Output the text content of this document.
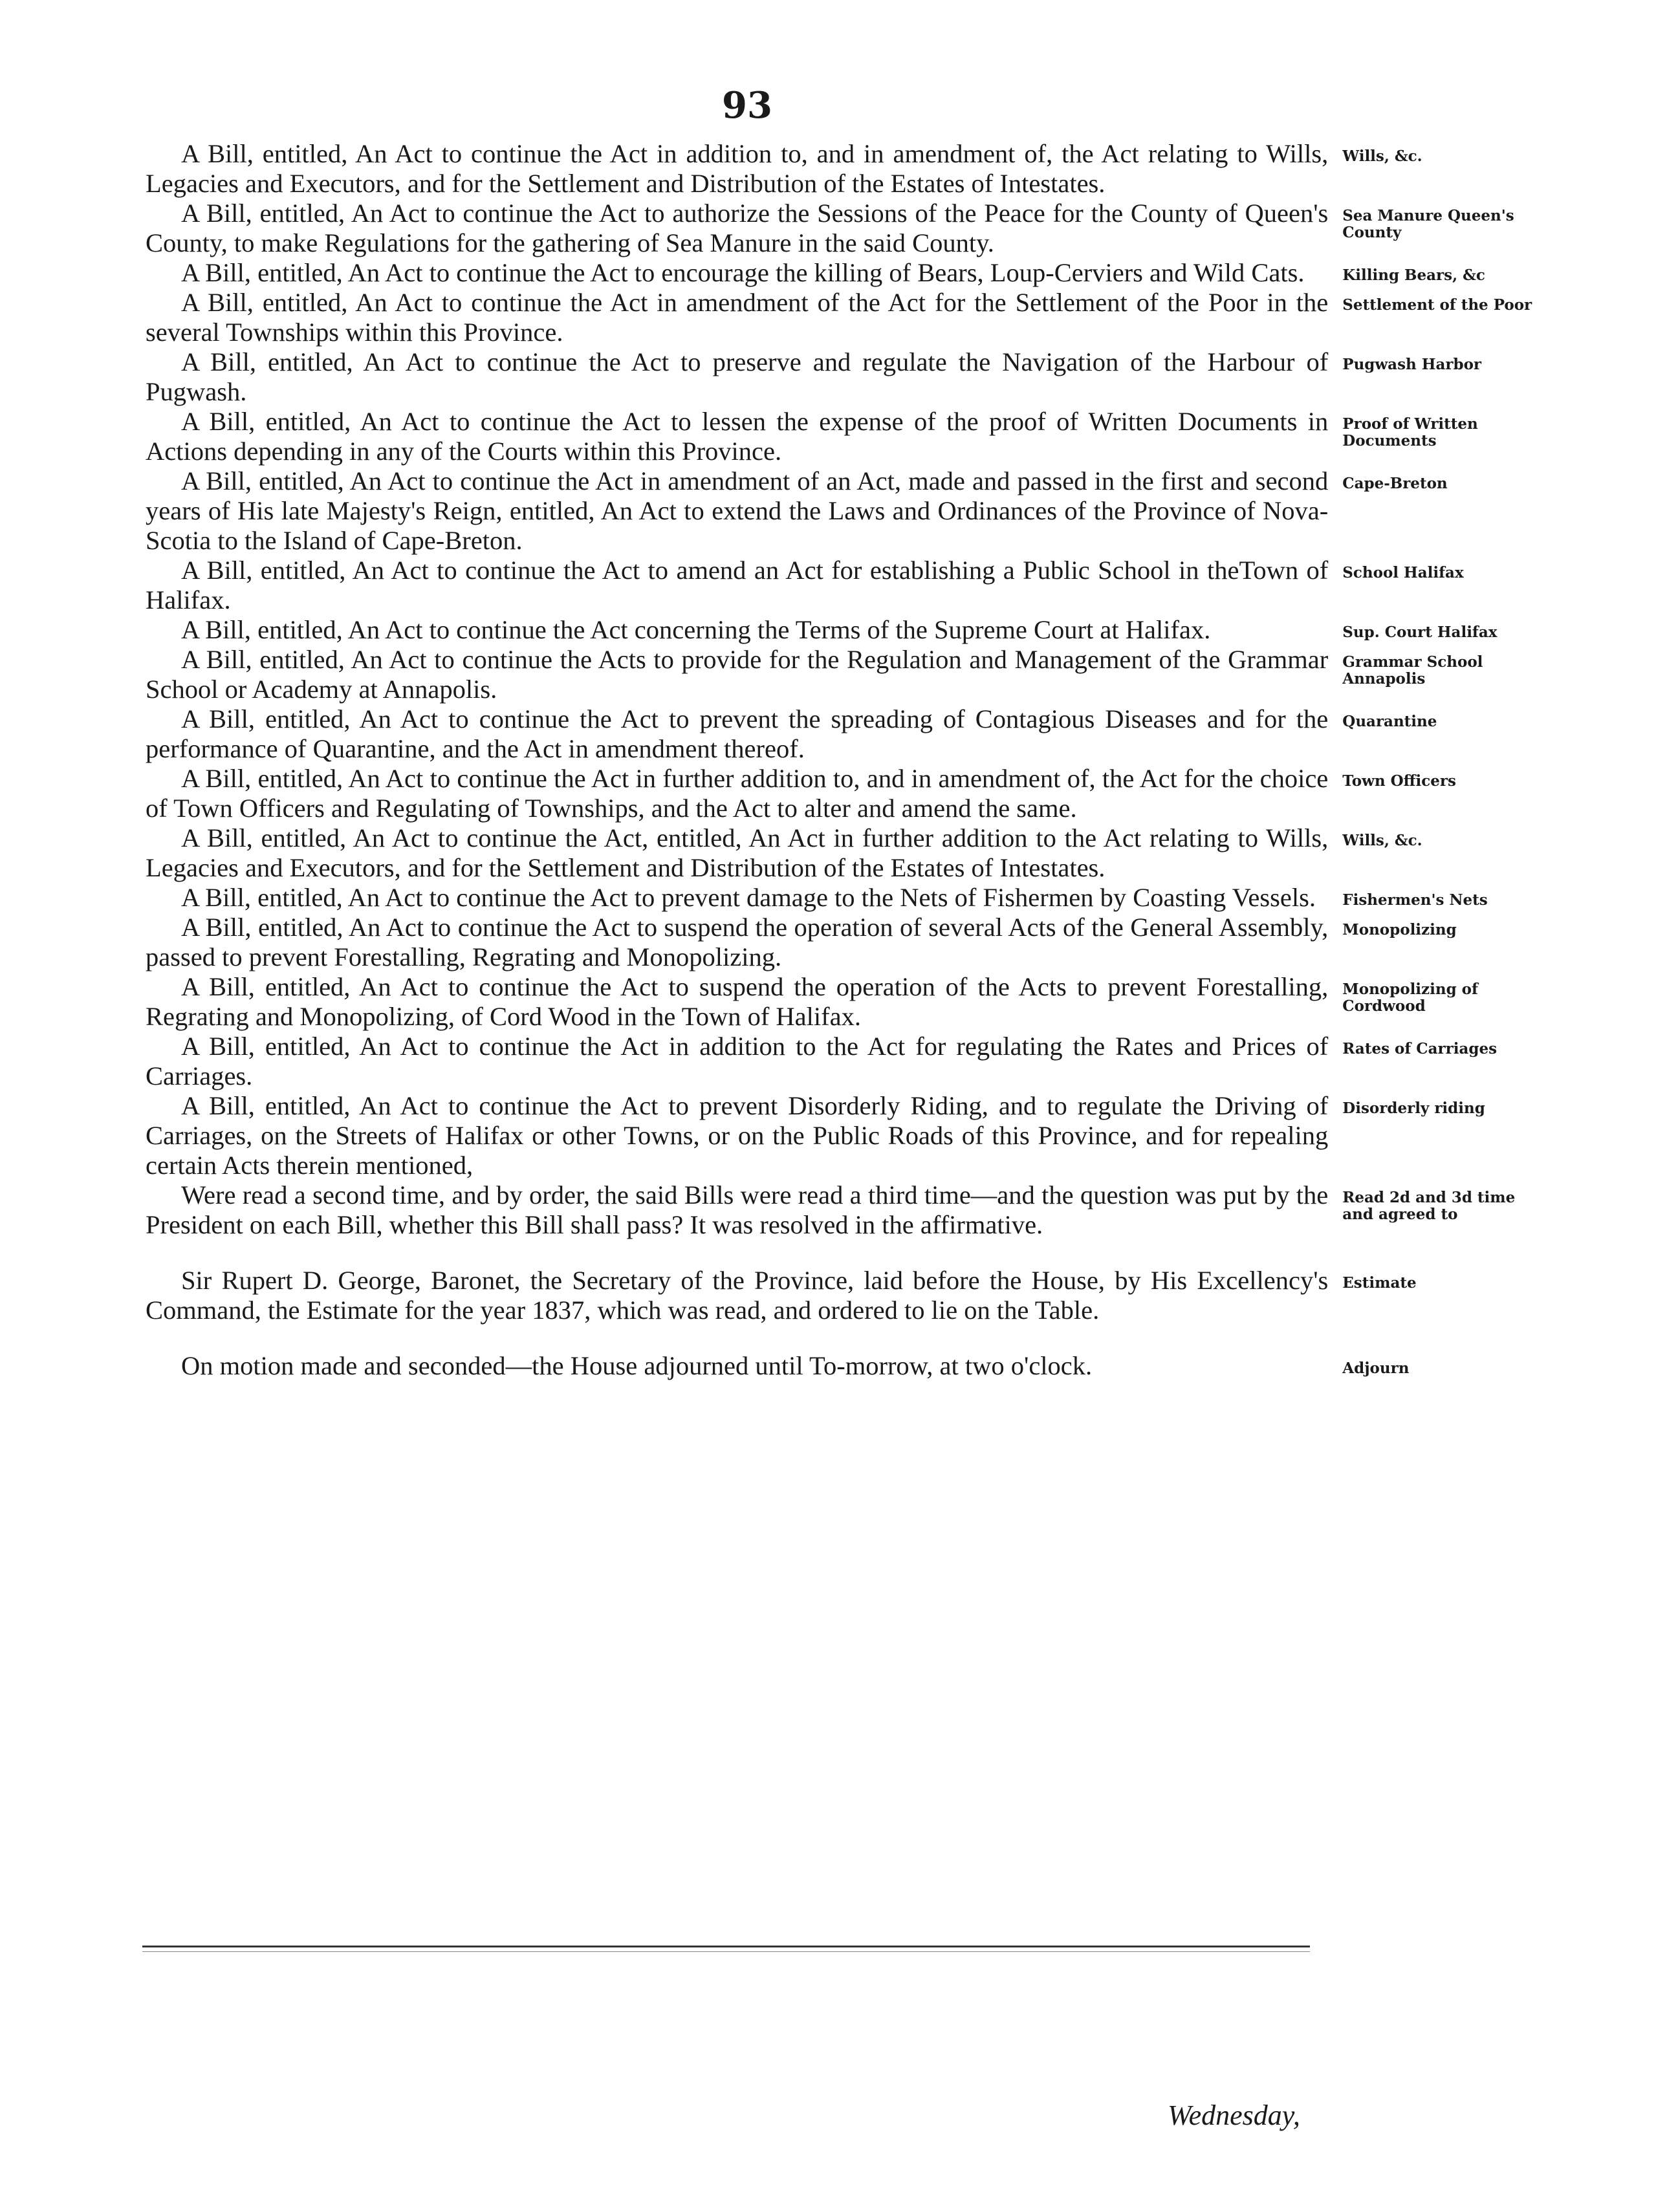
93

A Bill, entitled, An Act to continue the Act in addition to, and in amendment of, the Act relating to Wills, Legacies and Executors, and for the Settlement and Distribution of the Estates of Intestates.

Wills, &c.

A Bill, entitled, An Act to continue the Act to authorize the Sessions of the Peace for the County of Queen's County, to make Regulations for the gathering of Sea Manure in the said County.

Sea Manure Queen's County

A Bill, entitled, An Act to continue the Act to encourage the killing of Bears, Loup-Cerviers and Wild Cats.	Killing Bears, &c

A Bill, entitled, An Act to continue the Act in amendment of the Act for the Settlement of the Poor in the several Townships within this Province.

Settlement of the Poor

A Bill, entitled, An Act to continue the Act to preserve and regulate the Navigation of the Harbour of Pugwash.

Pugwash Harbor

A Bill, entitled, An Act to continue the Act to lessen the expense of the proof of Written Documents in Actions depending in any of the Courts within this Province.

Proof of Written Documents

A Bill, entitled, An Act to continue the Act in amendment of an Act, made and passed in the first and second years of His late Majesty's Reign, entitled, An Act to extend the Laws and Ordinances of the Province of Nova-Scotia to the Island of Cape-Breton.

Cape-Breton

A Bill, entitled, An Act to continue the Act to amend an Act for establishing a Public School in theTown of Halifax.

School Halifax

A Bill, entitled, An Act to continue the Act concerning the Terms of the Supreme Court at Halifax.	Sup. Court Halifax

A Bill, entitled, An Act to continue the Acts to provide for the Regulation and Management of the Grammar School or Academy at Annapolis.

Grammar School Annapolis

A Bill, entitled, An Act to continue the Act to prevent the spreading of Contagious Diseases and for the performance of Quarantine, and the Act in amendment thereof.

Quarantine

A Bill, entitled, An Act to continue the Act in further addition to, and in amendment of, the Act for the choice of Town Officers and Regulating of Townships, and the Act to alter and amend the same.

Town Officers

A Bill, entitled, An Act to continue the Act, entitled, An Act in further addition to the Act relating to Wills, Legacies and Executors, and for the Settlement and Distribution of the Estates of Intestates.

Wills, &c.

A Bill, entitled, An Act to continue the Act to prevent damage to the Nets of Fishermen by Coasting Vessels.	Fishermen's Nets

A Bill, entitled, An Act to continue the Act to suspend the operation of several Acts of the General Assembly, passed to prevent Forestalling, Regrating and Monopolizing.

Monopolizing

A Bill, entitled, An Act to continue the Act to suspend the operation of the Acts to prevent Forestalling, Regrating and Monopolizing, of Cord Wood in the Town of Halifax.

Monopolizing of Cordwood

A Bill, entitled, An Act to continue the Act in addition to the Act for regulating the Rates and Prices of Carriages.

Rates of Carriages

A Bill, entitled, An Act to continue the Act to prevent Disorderly Riding, and to regulate the Driving of Carriages, on the Streets of Halifax or other Towns, or on the Public Roads of this Province, and for repealing certain Acts therein mentioned,

Disorderly riding

Were read a second time, and by order, the said Bills were read a third time—and the question was put by the President on each Bill, whether this Bill shall pass? It was resolved in the affirmative.

Read 2d and 3d time and agreed to

Sir Rupert D. George, Baronet, the Secretary of the Province, laid before the House, by His Excellency's Command, the Estimate for the year 1837, which was read, and ordered to lie on the Table.

Estimate

On motion made and seconded—the House adjourned until To-morrow, at two o'clock.	Adjourn
Wednesday,
